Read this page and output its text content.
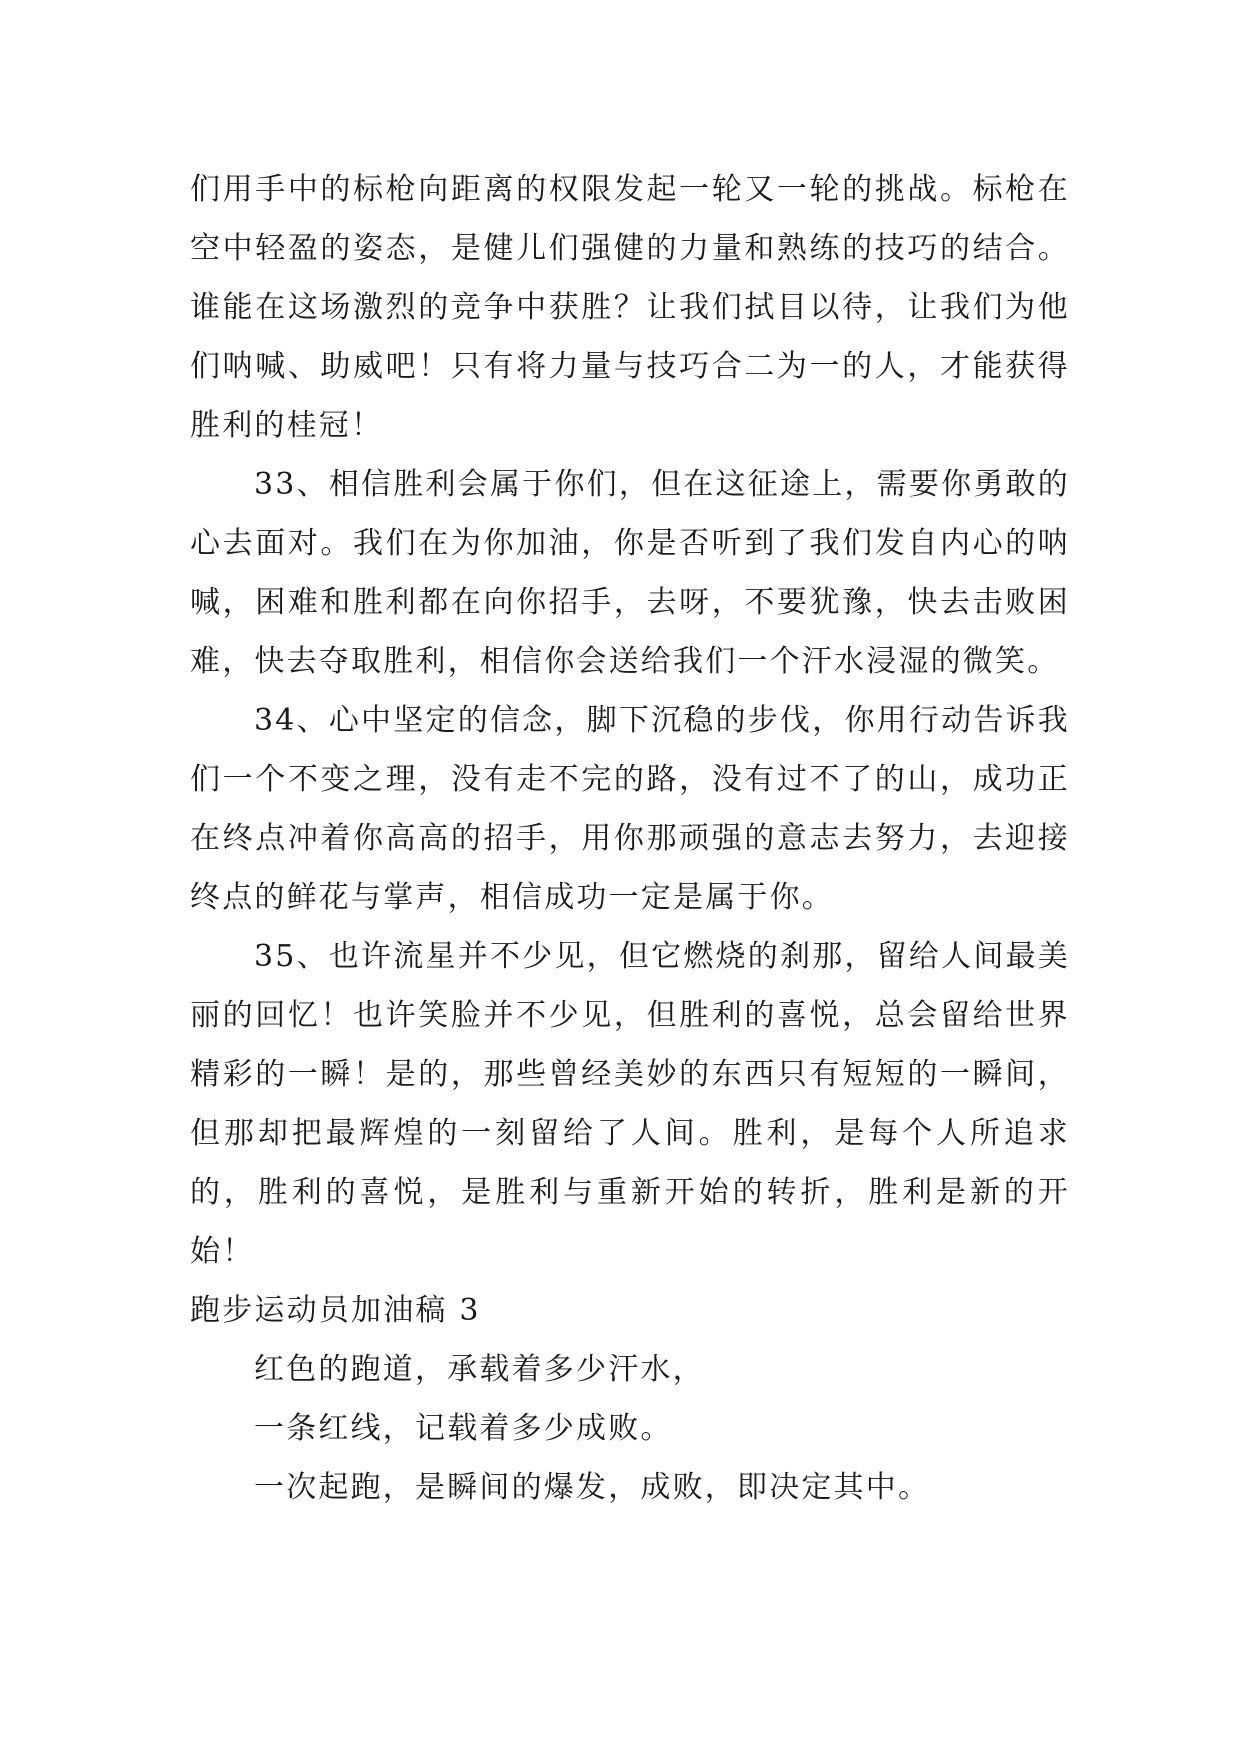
们用手中的标枪向距离的权限发起一轮又一轮的挑战。标枪在空中轻盈的姿态，是健儿们强健的力量和熟练的技巧的结合。谁能在这场激烈的竞争中获胜？让我们拭目以待，让我们为他们呐喊、助威吧！只有将力量与技巧合二为一的人，才能获得胜利的桂冠！

33、相信胜利会属于你们，但在这征途上，需要你勇敢的心去面对。我们在为你加油，你是否听到了我们发自内心的呐喊，困难和胜利都在向你招手，去呀，不要犹豫，快去击败困难，快去夺取胜利，相信你会送给我们一个汗水浸湿的微笑。

34、心中坚定的信念，脚下沉稳的步伐，你用行动告诉我们一个不变之理，没有走不完的路，没有过不了的山，成功正在终点冲着你高高的招手，用你那顽强的意志去努力，去迎接终点的鲜花与掌声，相信成功一定是属于你。

35、也许流星并不少见，但它燃烧的刹那，留给人间最美丽的回忆！也许笑脸并不少见，但胜利的喜悦，总会留给世界精彩的一瞬！是的，那些曾经美妙的东西只有短短的一瞬间，但那却把最辉煌的一刻留给了人间。胜利，是每个人所追求的，胜利的喜悦，是胜利与重新开始的转折，胜利是新的开始！

跑步运动员加油稿 3

红色的跑道，承载着多少汗水，

一条红线，记载着多少成败。

一次起跑，是瞬间的爆发，成败，即决定其中。
